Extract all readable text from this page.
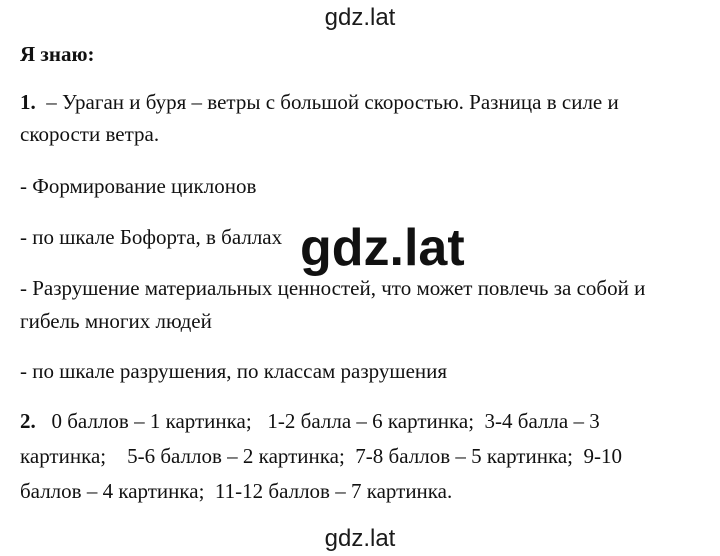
gdz.lat
Я знаю:
1.  – Ураган и буря – ветры с большой скоростью. Разница в силе и
скорости ветра.
- Формирование циклонов
- по шкале Бофорта, в баллах gdz.lat
- Разрушение материальных ценностей, что может повлечь за собой и
гибель многих людей
- по шкале разрушения, по классам разрушения
2.   0 баллов – 1 картинка;   1-2 балла – 6 картинка;  3-4 балла – 3
картинка;    5-6 баллов – 2 картинка;  7-8 баллов – 5 картинка;  9-10
баллов – 4 картинка;  11-12 баллов – 7 картинка.
gdz.lat
